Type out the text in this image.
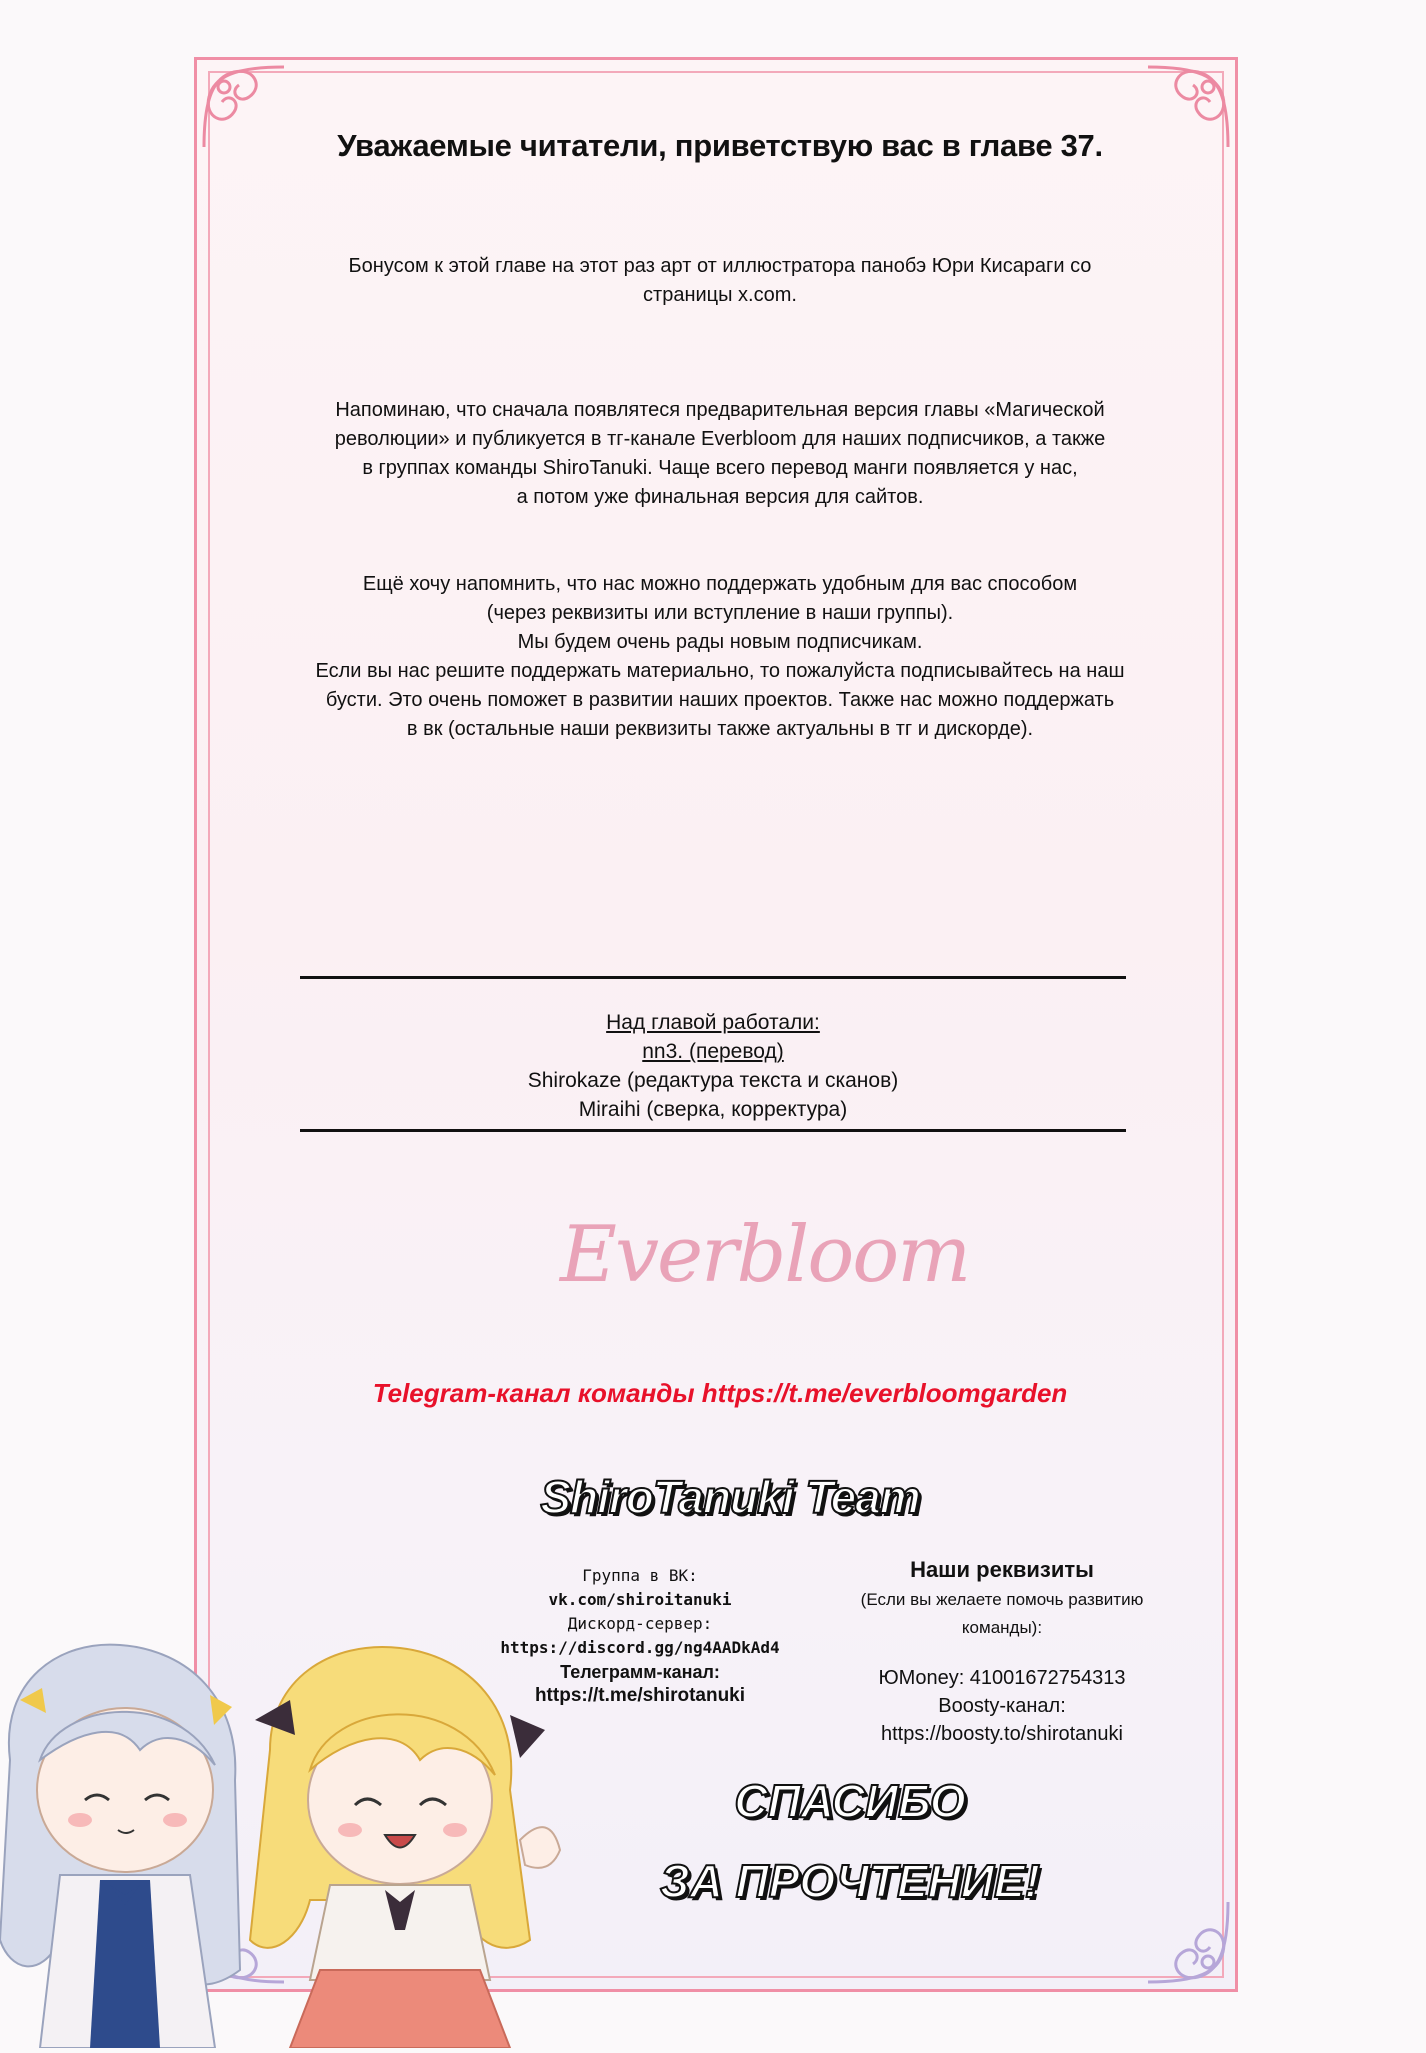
Уважаемые читатели, приветствую вас в главе 37.
Бонусом к этой главе на этот раз арт от иллюстратора панобэ Юри Кисараги со
страницы x.com.
Напоминаю, что сначала появлятеся предварительная версия главы «Магической
революции» и публикуется в тг-канале Everbloom для наших подписчиков, а также
в группах команды ShiroTanuki. Чаще всего перевод манги появляется у нас,
а потом уже финальная версия для сайтов.
Ещё хочу напомнить, что нас можно поддержать удобным для вас способом
(через реквизиты или вступление в наши группы).
Мы будем очень рады новым подписчикам.
Если вы нас решите поддержать материально, то пожалуйста подписывайтесь на наш
бусти. Это очень поможет в развитии наших проектов. Также нас можно поддержать
в вк (остальные наши реквизиты также актуальны в тг и дискорде).
Над главой работали:
nn3. (перевод)
Shirokaze (редактура текста и сканов)
Miraihi (сверка, корректура)
Everbloom
Telegram-канал команды https://t.me/everbloomgarden
ShiroTanuki Team
Группа в ВК:
vk.com/shiroitanuki
Дискорд-сервер:
https://discord.gg/ng4AADkAd4
Телеграмм-канал:
https://t.me/shirotanuki
Наши реквизиты
(Если вы желаете помочь развитию команды):
ЮMoney: 41001672754313
Boosty-канал:
https://boosty.to/shirotanuki
СПАСИБО
ЗА ПРОЧТЕНИЕ!
